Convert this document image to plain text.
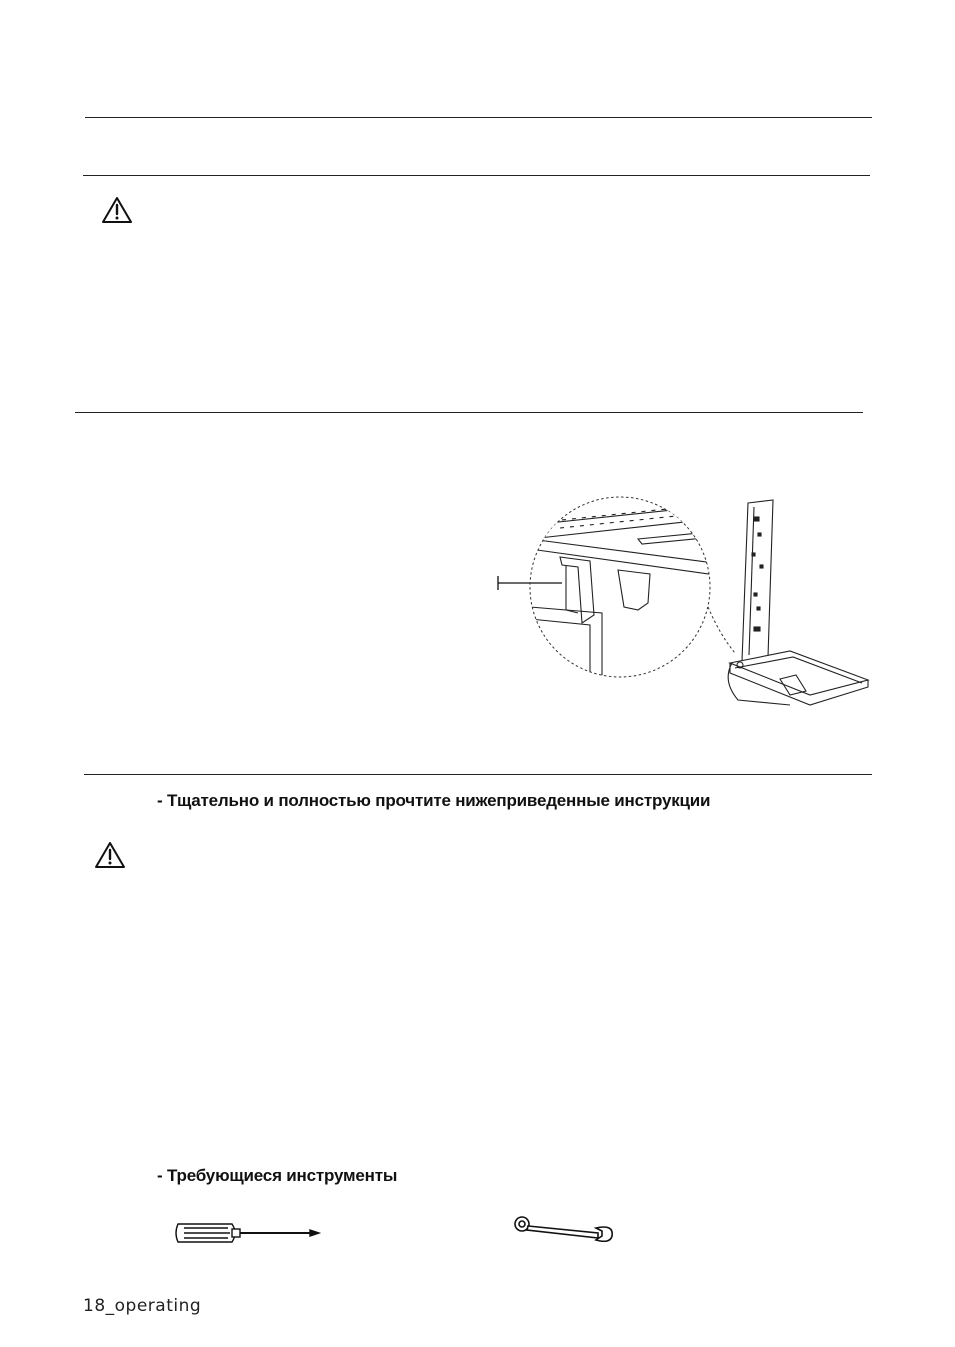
- Тщательно и полностью прочтите нижеприведенные инструкции
- Требующиеся инструменты
18_operating
